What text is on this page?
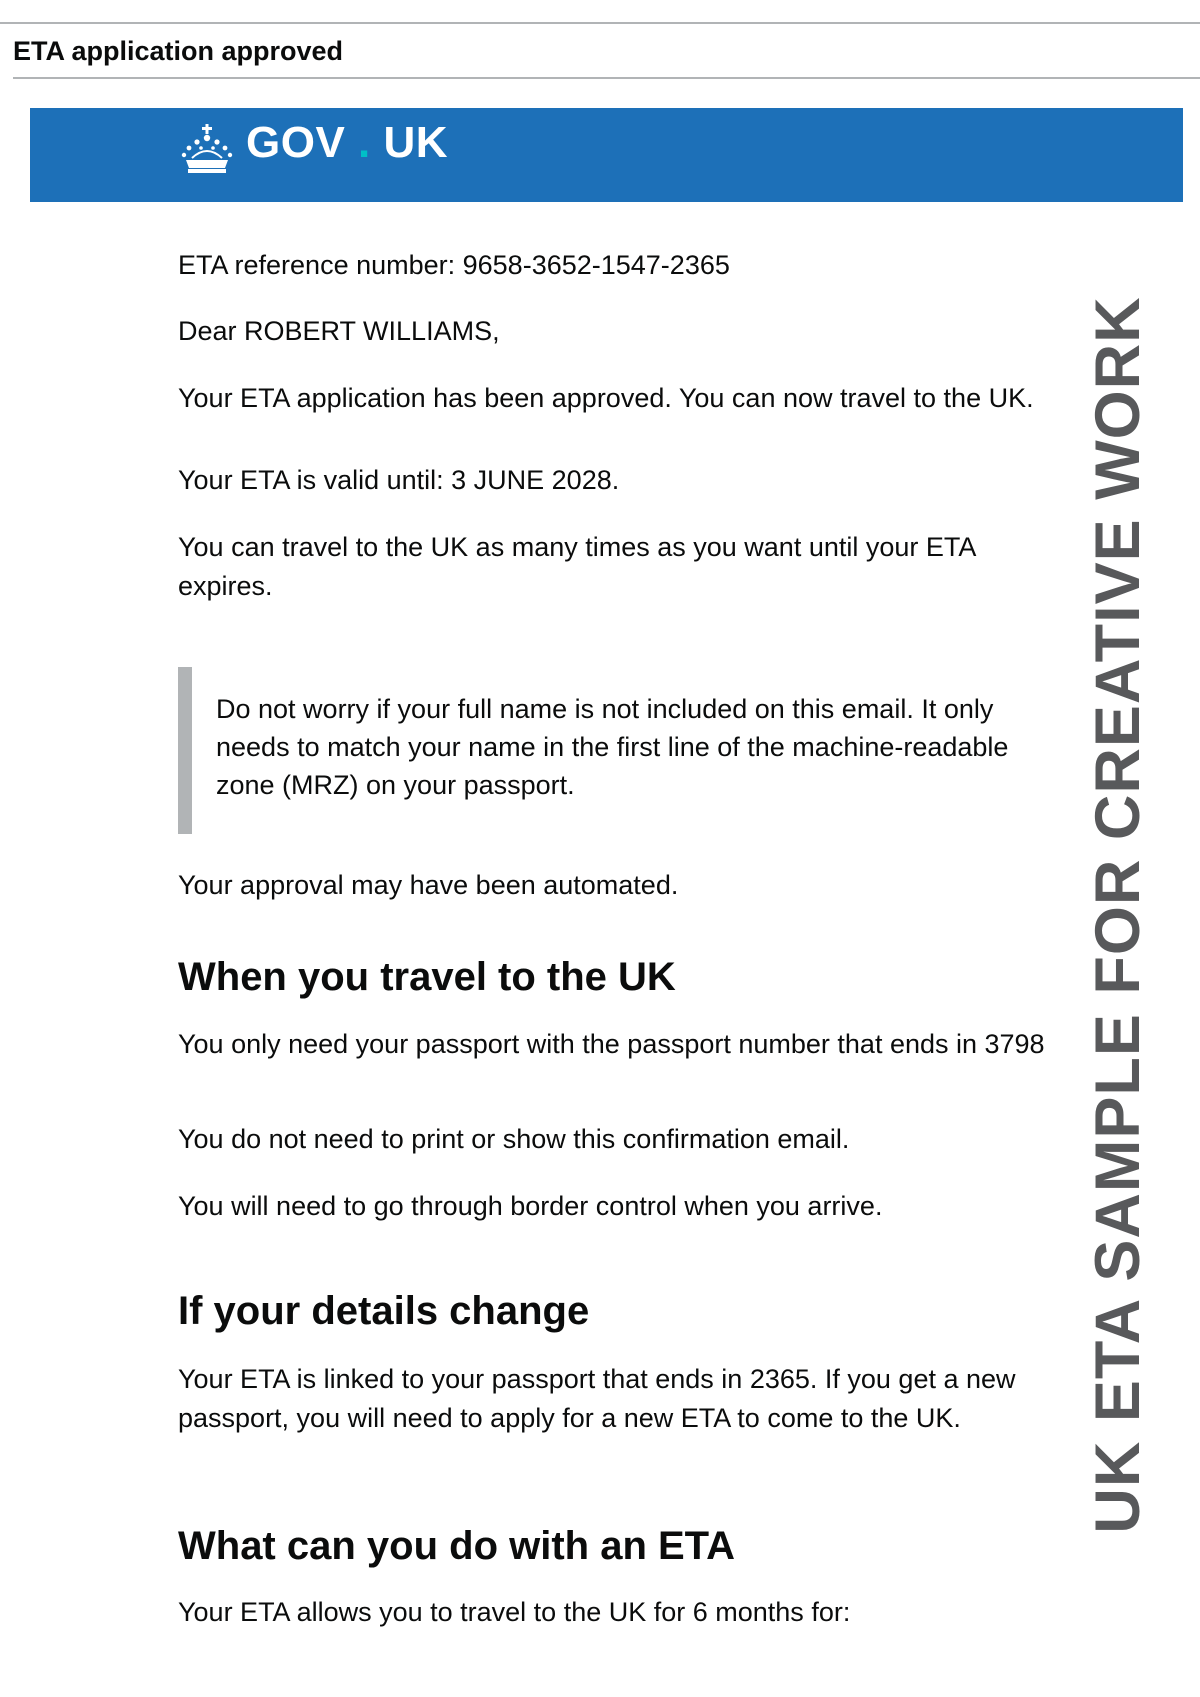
ETA application approved
GOV . UK

ETA reference number: 9658-3652-1547-2365

Dear ROBERT WILLIAMS,

Your ETA application has been approved. You can now travel to the UK.

Your ETA is valid until: 3 JUNE 2028.

You can travel to the UK as many times as you want until your ETA expires.

Do not worry if your full name is not included on this email. It only needs to match your name in the first line of the machine-readable zone (MRZ) on your passport.

Your approval may have been automated.

When you travel to the UK

You only need your passport with the passport number that ends in 3798

You do not need to print or show this confirmation email.

You will need to go through border control when you arrive.

If your details change

Your ETA is linked to your passport that ends in 2365. If you get a new passport, you will need to apply for a new ETA to come to the UK.

What can you do with an ETA

Your ETA allows you to travel to the UK for 6 months for:

UK ETA SAMPLE FOR CREATIVE WORK
